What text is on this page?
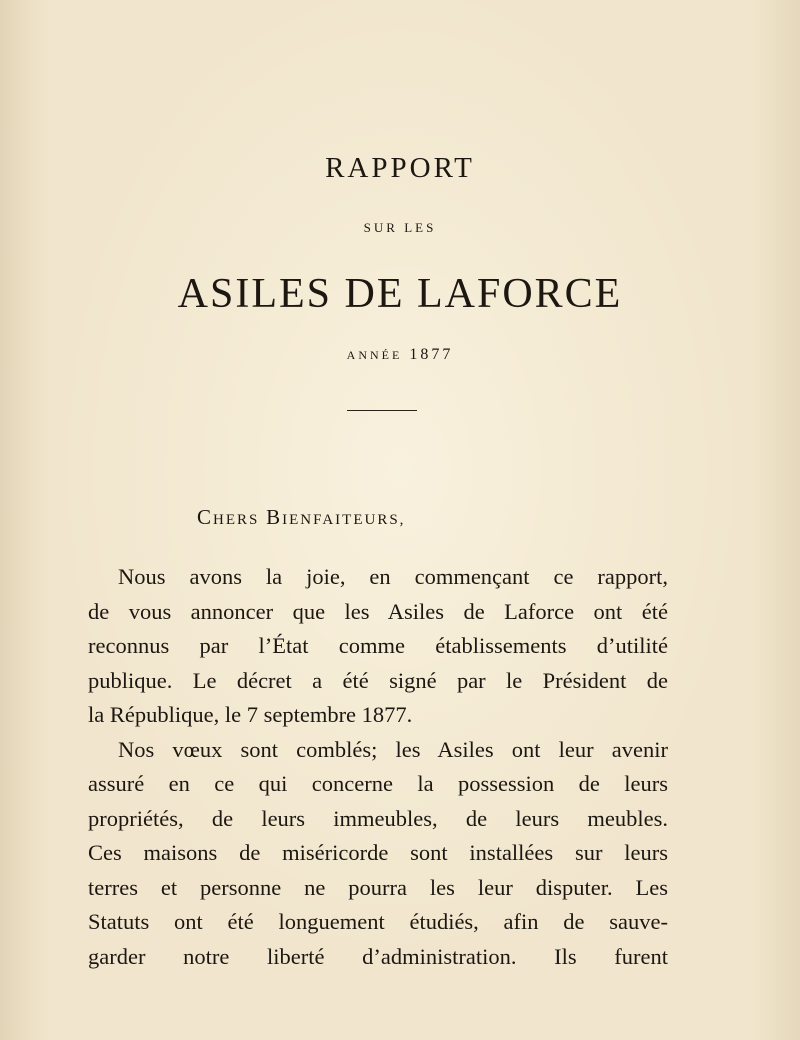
RAPPORT
SUR LES
ASILES DE LAFORCE
ANNÉE 1877
CHERS BIENFAITEURS,
Nous avons la joie, en commençant ce rapport,
de vous annoncer que les Asiles de Laforce ont été
reconnus par l’État comme établissements d’utilité
publique. Le décret a été signé par le Président de
la République, le 7 septembre 1877.
Nos vœux sont comblés; les Asiles ont leur avenir
assuré en ce qui concerne la possession de leurs
propriétés, de leurs immeubles, de leurs meubles.
Ces maisons de miséricorde sont installées sur leurs
terres et personne ne pourra les leur disputer. Les
Statuts ont été longuement étudiés, afin de sauve-
garder notre liberté d’administration. Ils furent
